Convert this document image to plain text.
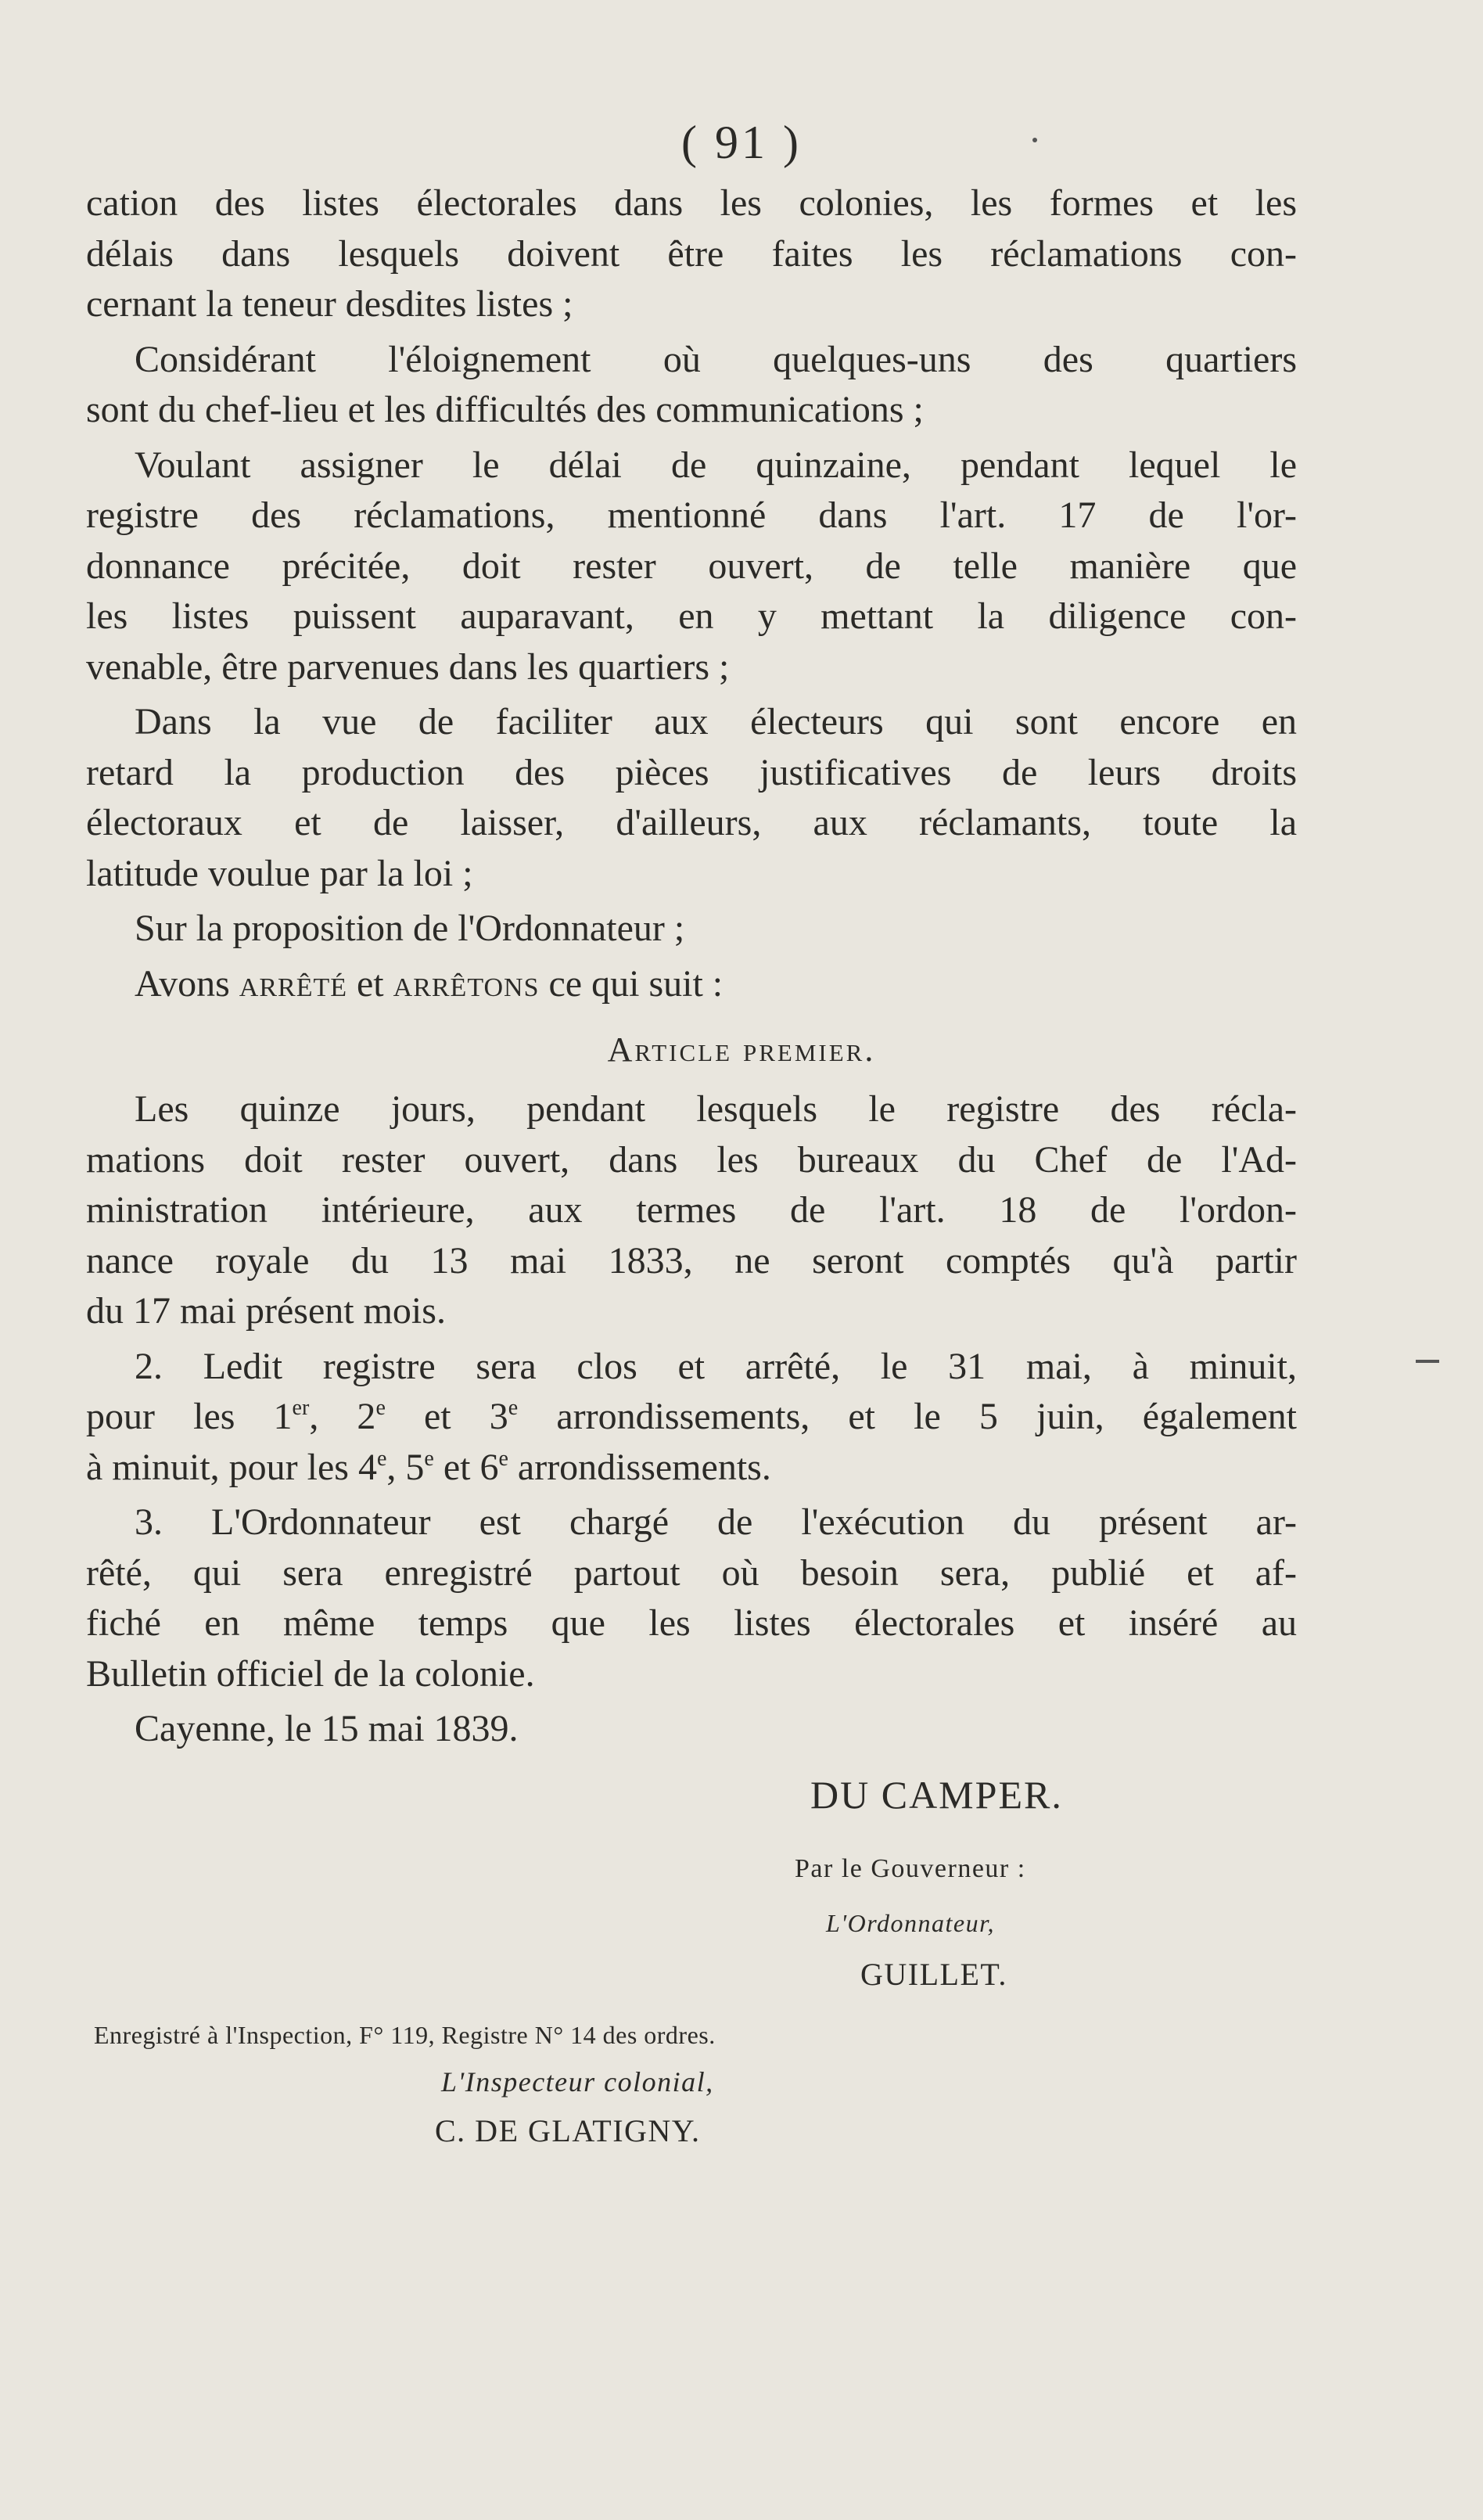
( 91 )

cation des listes électorales dans les colonies, les formes et les

délais dans lesquels doivent être faites les réclamations con-

cernant la teneur desdites listes ;

Considérant l'éloignement où quelques-uns des quartiers

sont du chef-lieu et les difficultés des communications ;

Voulant assigner le délai de quinzaine, pendant lequel le

registre des réclamations, mentionné dans l'art. 17 de l'or-

donnance précitée, doit rester ouvert, de telle manière que

les listes puissent auparavant, en y mettant la diligence con-

venable, être parvenues dans les quartiers ;

Dans la vue de faciliter aux électeurs qui sont encore en

retard la production des pièces justificatives de leurs droits

électoraux et de laisser, d'ailleurs, aux réclamants, toute la

latitude voulue par la loi ;

Sur la proposition de l'Ordonnateur ;

Avons arrêté et arrêtons ce qui suit :

Article premier.

Les quinze jours, pendant lesquels le registre des récla-

mations doit rester ouvert, dans les bureaux du Chef de l'Ad-

ministration intérieure, aux termes de l'art. 18 de l'ordon-

nance royale du 13 mai 1833, ne seront comptés qu'à partir

du 17 mai présent mois.

2. Ledit registre sera clos et arrêté, le 31 mai, à minuit,

pour les 1er, 2e et 3e arrondissements, et le 5 juin, également

à minuit, pour les 4e, 5e et 6e arrondissements.

3. L'Ordonnateur est chargé de l'exécution du présent ar-

rêté, qui sera enregistré partout où besoin sera, publié et af-

fiché en même temps que les listes électorales et inséré au

Bulletin officiel de la colonie.

Cayenne, le 15 mai 1839.

DU CAMPER.
Par le Gouverneur :
L'Ordonnateur,
GUILLET.
Enregistré à l'Inspection, F° 119, Registre N° 14 des ordres.
L'Inspecteur colonial,
C. DE GLATIGNY.
